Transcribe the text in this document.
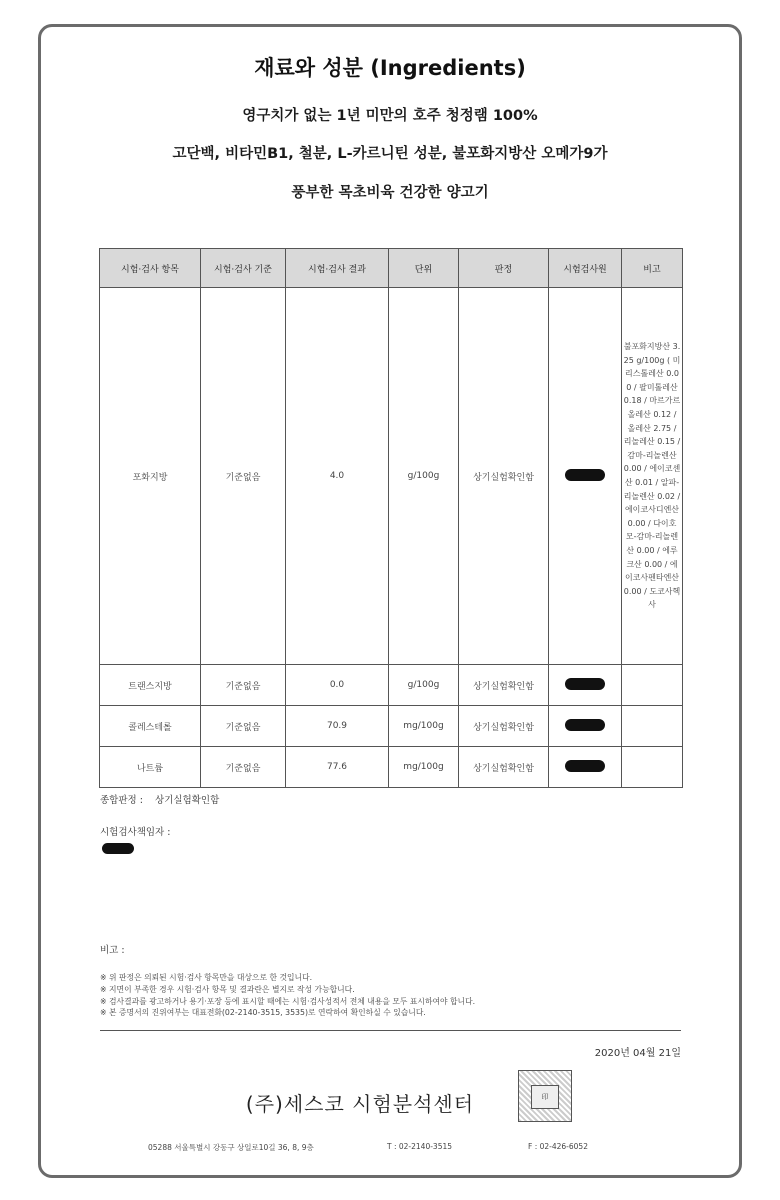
재료와 성분 (Ingredients)
영구치가 없는 1년 미만의 호주 청정램 100%
고단백, 비타민B1, 철분, L-카르니틴 성분, 불포화지방산 오메가9가
풍부한 목초비육 건강한 양고기
시험·검사 항목	시험·검사 기준	시험·검사 결과	단위	판정	시험검사원	비고
포화지방	기준없음	4.0	g/100g	상기실험확인함		불포화지방산 3.25 g/100g ( 미리스톨레산 0.00 / 팔미톨레산 0.18 / 마르가르올레산 0.12 / 올레산 2.75 / 리놀레산 0.15 / 감마-리놀렌산 0.00 / 에이코센산 0.01 / 알파-리놀렌산 0.02 / 에이코사디엔산 0.00 / 다이호모-감마-리놀렌산 0.00 / 에루크산 0.00 / 에이코사펜타엔산 0.00 / 도코사헥사
트랜스지방	기준없음	0.0	g/100g	상기실험확인함		
콜레스테롤	기준없음	70.9	mg/100g	상기실험확인함		
나트륨	기준없음	77.6	mg/100g	상기실험확인함		
종합판정 : 상기실험확인함
시험검사책임자 :
비고 :
※ 위 판정은 의뢰된 시험·검사 항목만을 대상으로 한 것입니다.
※ 지면이 부족한 경우 시험·검사 항목 및 결과란은 별지로 작성 가능합니다.
※ 검사결과를 광고하거나 용기·포장 등에 표시할 때에는 시험·검사성적서 전체 내용을 모두 표시하여야 합니다.
※ 본 증명서의 진위여부는 대표전화(02-2140-3515, 3535)로 연락하여 확인하실 수 있습니다.
2020년 04월 21일
(주)세스코 시험분석센터	印
05288 서울특별시 강동구 상일로10길 36, 8, 9층	T : 02-2140-3515	F : 02-426-6052
